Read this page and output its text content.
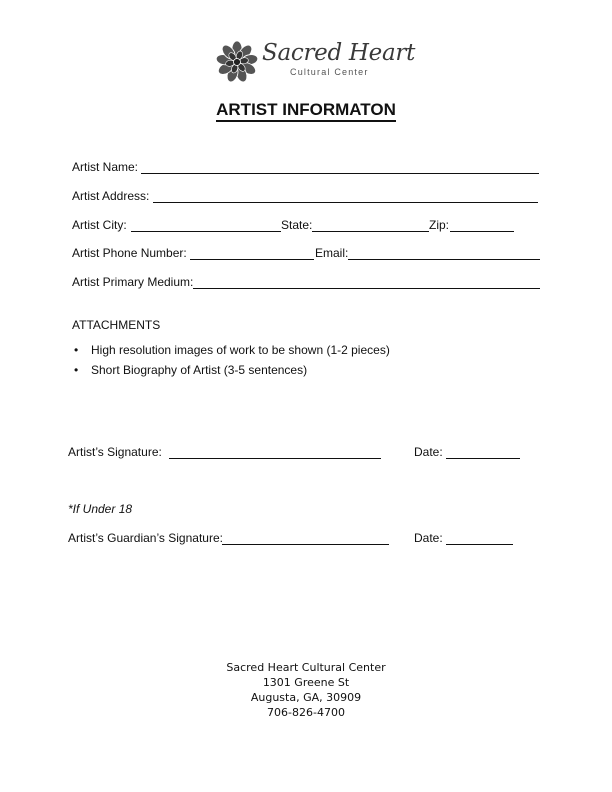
Sacred Heart
Cultural Center
ARTIST INFORMATON
Artist Name:
Artist Address:
Artist City:	State:	Zip:
Artist Phone Number:	Email:
Artist Primary Medium:
ATTACHMENTS
• High resolution images of work to be shown (1-2 pieces)
• Short Biography of Artist (3-5 sentences)
Artist’s Signature:	Date:
*If Under 18
Artist’s Guardian’s Signature:	Date:
Sacred Heart Cultural Center
1301 Greene St
Augusta, GA, 30909
706-826-4700
